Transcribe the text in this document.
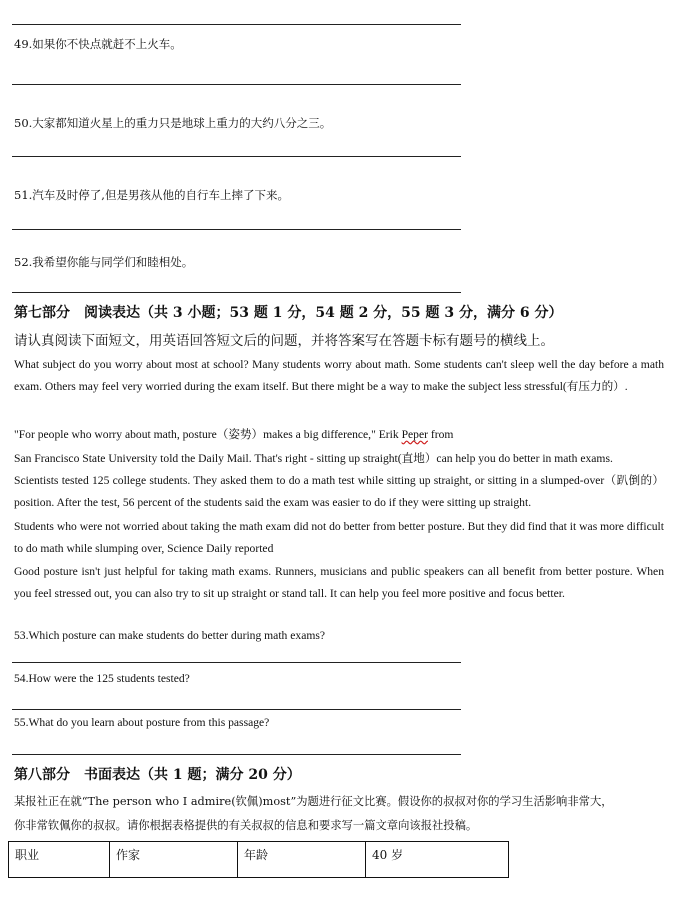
49.如果你不快点就赶不上火车。
50.大家都知道火星上的重力只是地球上重力的大约八分之三。
51.汽车及时停了,但是男孩从他的自行车上摔了下来。
52.我希望你能与同学们和睦相处。
第七部分　阅读表达（共 3 小题；53 题 1 分，54 题 2 分，55 题 3 分，满分 6 分）
请认真阅读下面短文，用英语回答短文后的问题，并将答案写在答题卡标有题号的横线上。

What subject do you worry about most at school? Many students worry about math. Some students can't sleep well the day before a math exam. Others may feel very worried during the exam itself. But there might be a way to make the subject less stressful(有压力的）.

"For people who worry about math, posture（姿势）makes a big difference," Erik Peper from

San Francisco State University told the Daily Mail. That's right - sitting up straight(直地）can help you do better in math exams.

Scientists tested 125 college students. They asked them to do a math test while sitting up straight, or sitting in a slumped-over（趴倒的）position. After the test, 56 percent of the students said the exam was easier to do if they were sitting up straight.

Students who were not worried about taking the math exam did not do better from better posture. But they did find that it was more difficult to do math while slumping over, Science Daily reported

Good posture isn't just helpful for taking math exams. Runners, musicians and public speakers can all benefit from better posture. When you feel stressed out, you can also try to sit up straight or stand tall. It can help you feel more positive and focus better.

53.Which posture can make students do better during math exams?
54.How were the 125 students tested?
55.What do you learn about posture from this passage?
第八部分　书面表达（共 1 题；满分 20 分）
某报社正在就“The person who I admire(钦佩)most”为题进行征文比赛。假设你的叔叔对你的学习生活影响非常大，
你非常钦佩你的叔叔。请你根据表格提供的有关叔叔的信息和要求写一篇文章向该报社投稿。
职业	作家	年龄	40 岁
